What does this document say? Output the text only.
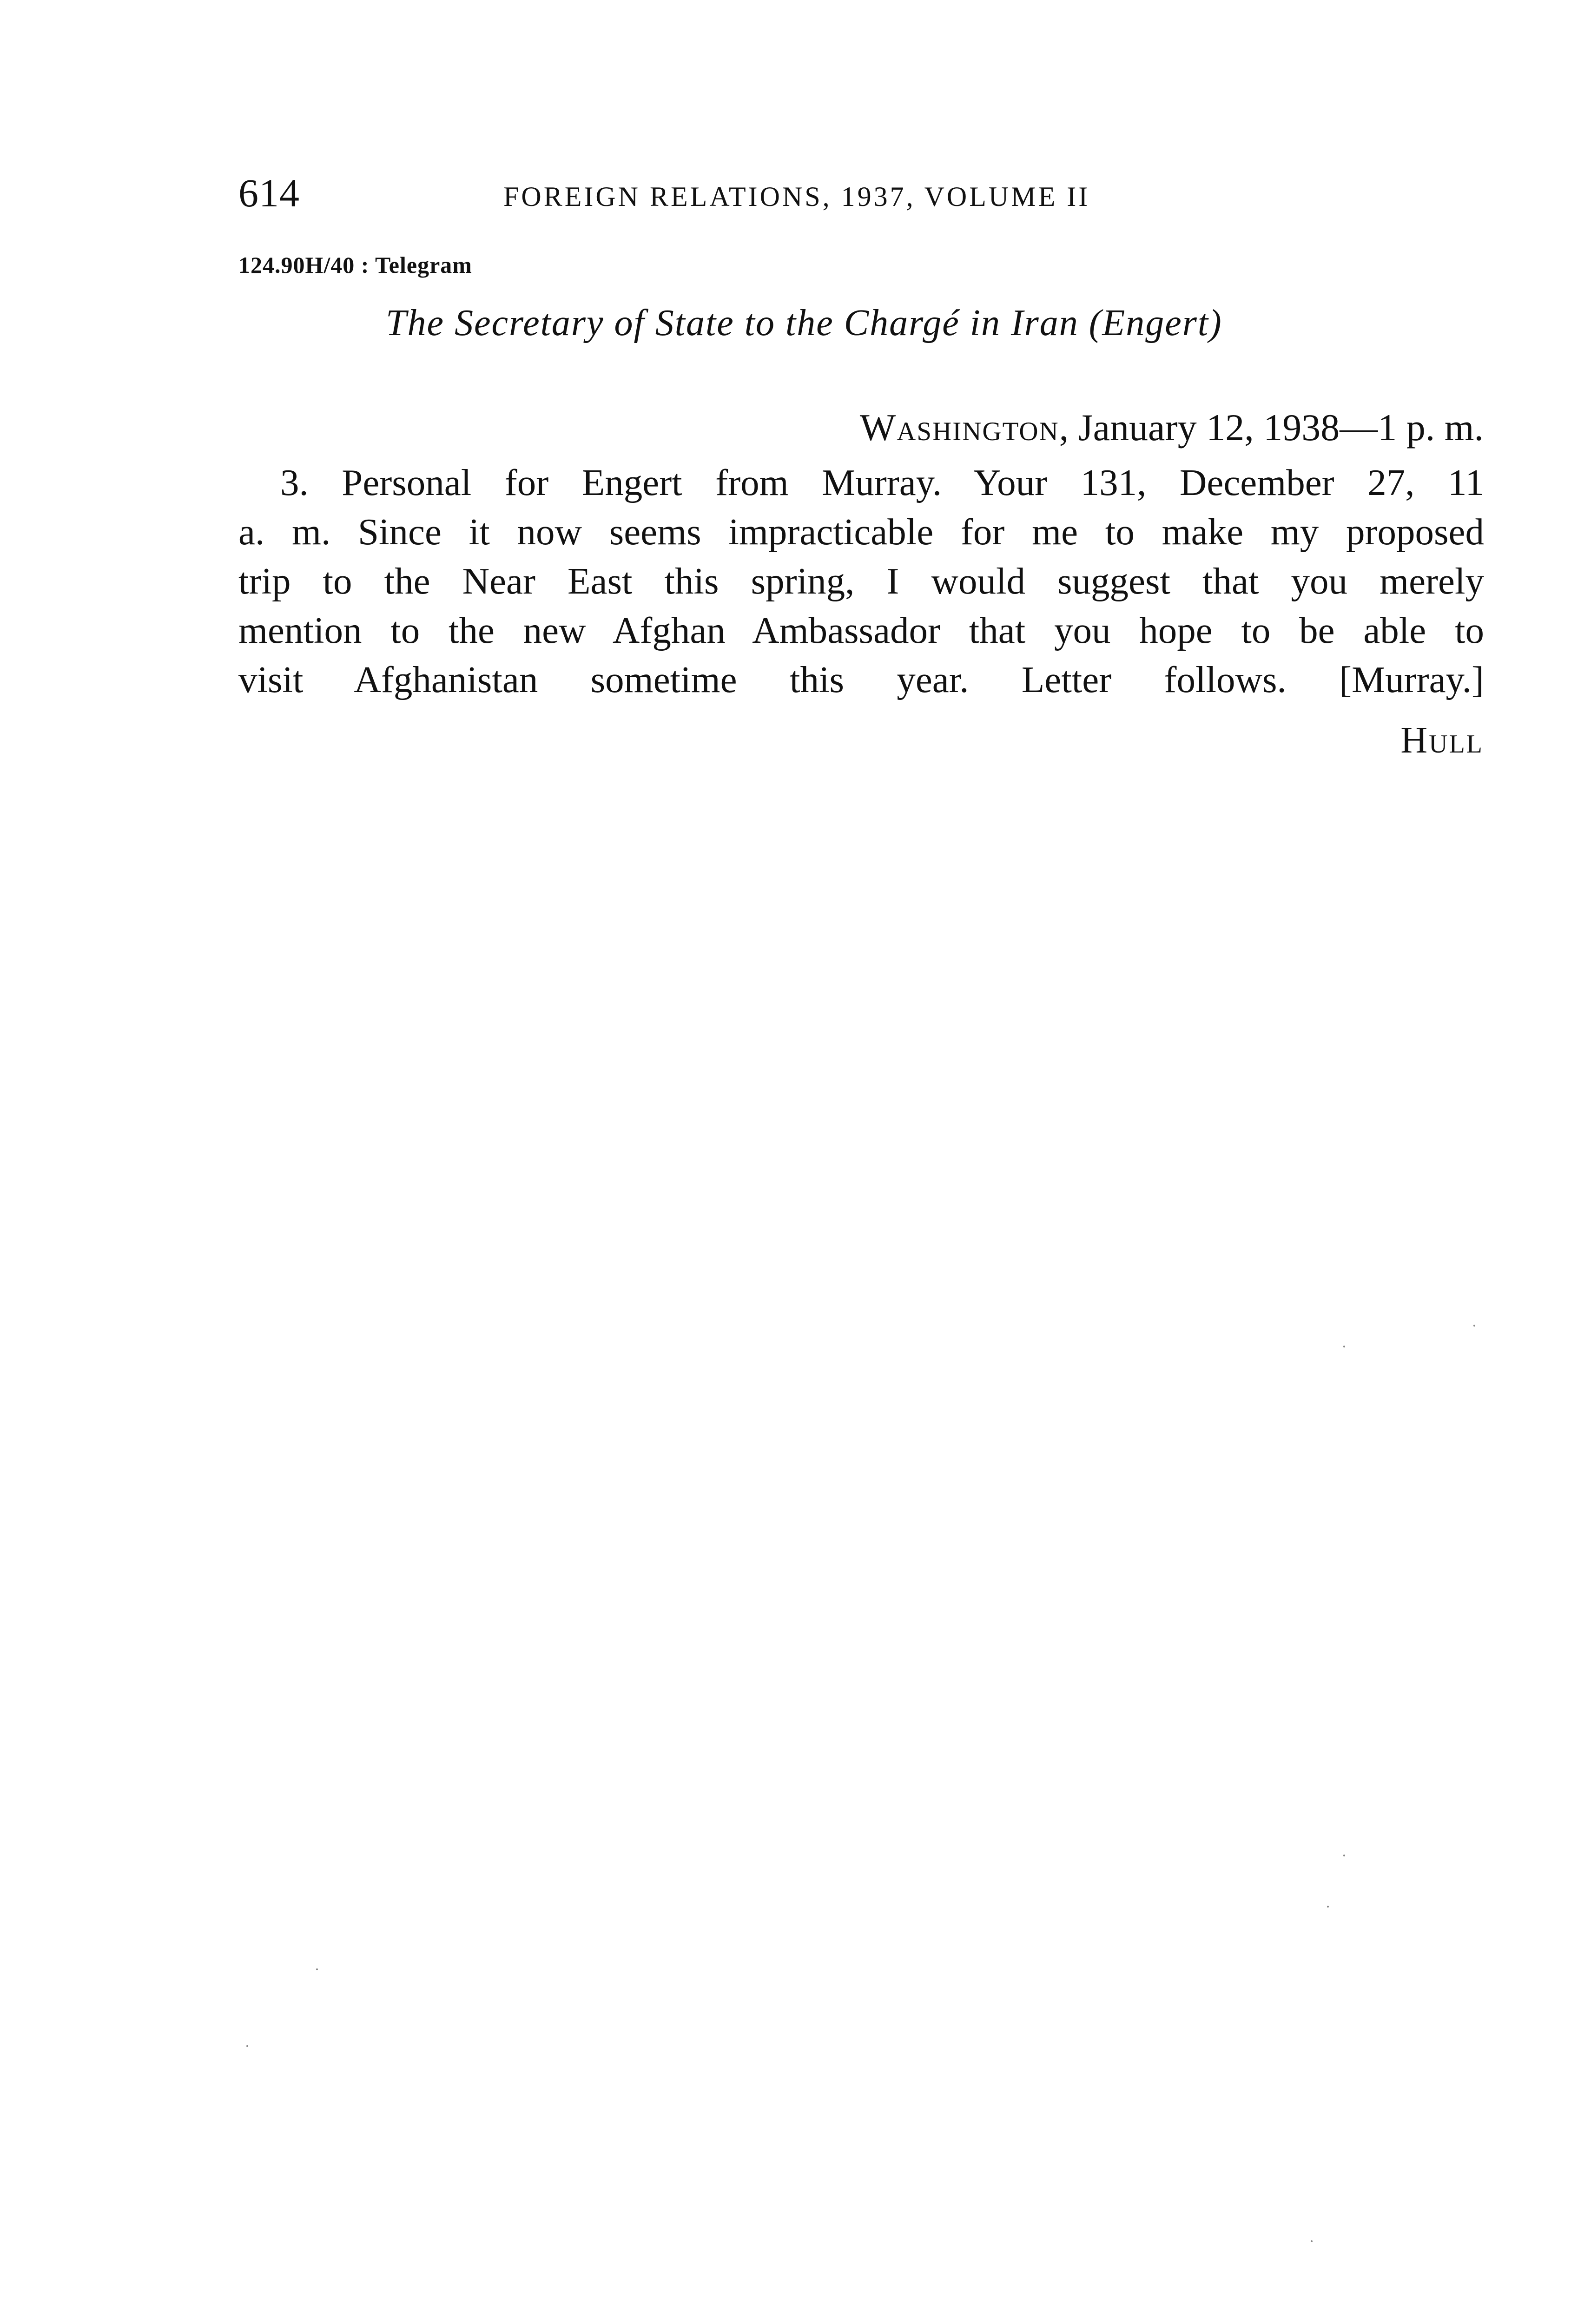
614	FOREIGN RELATIONS, 1937, VOLUME II
124.90H/40 : Telegram
The Secretary of State to the Chargé in Iran (Engert)
Washington, January 12, 1938—1 p. m.
3. Personal for Engert from Murray. Your 131, December 27, 11
a. m. Since it now seems impracticable for me to make my proposed
trip to the Near East this spring, I would suggest that you merely
mention to the new Afghan Ambassador that you hope to be able to
visit Afghanistan sometime this year. Letter follows. [Murray.]
Hull
